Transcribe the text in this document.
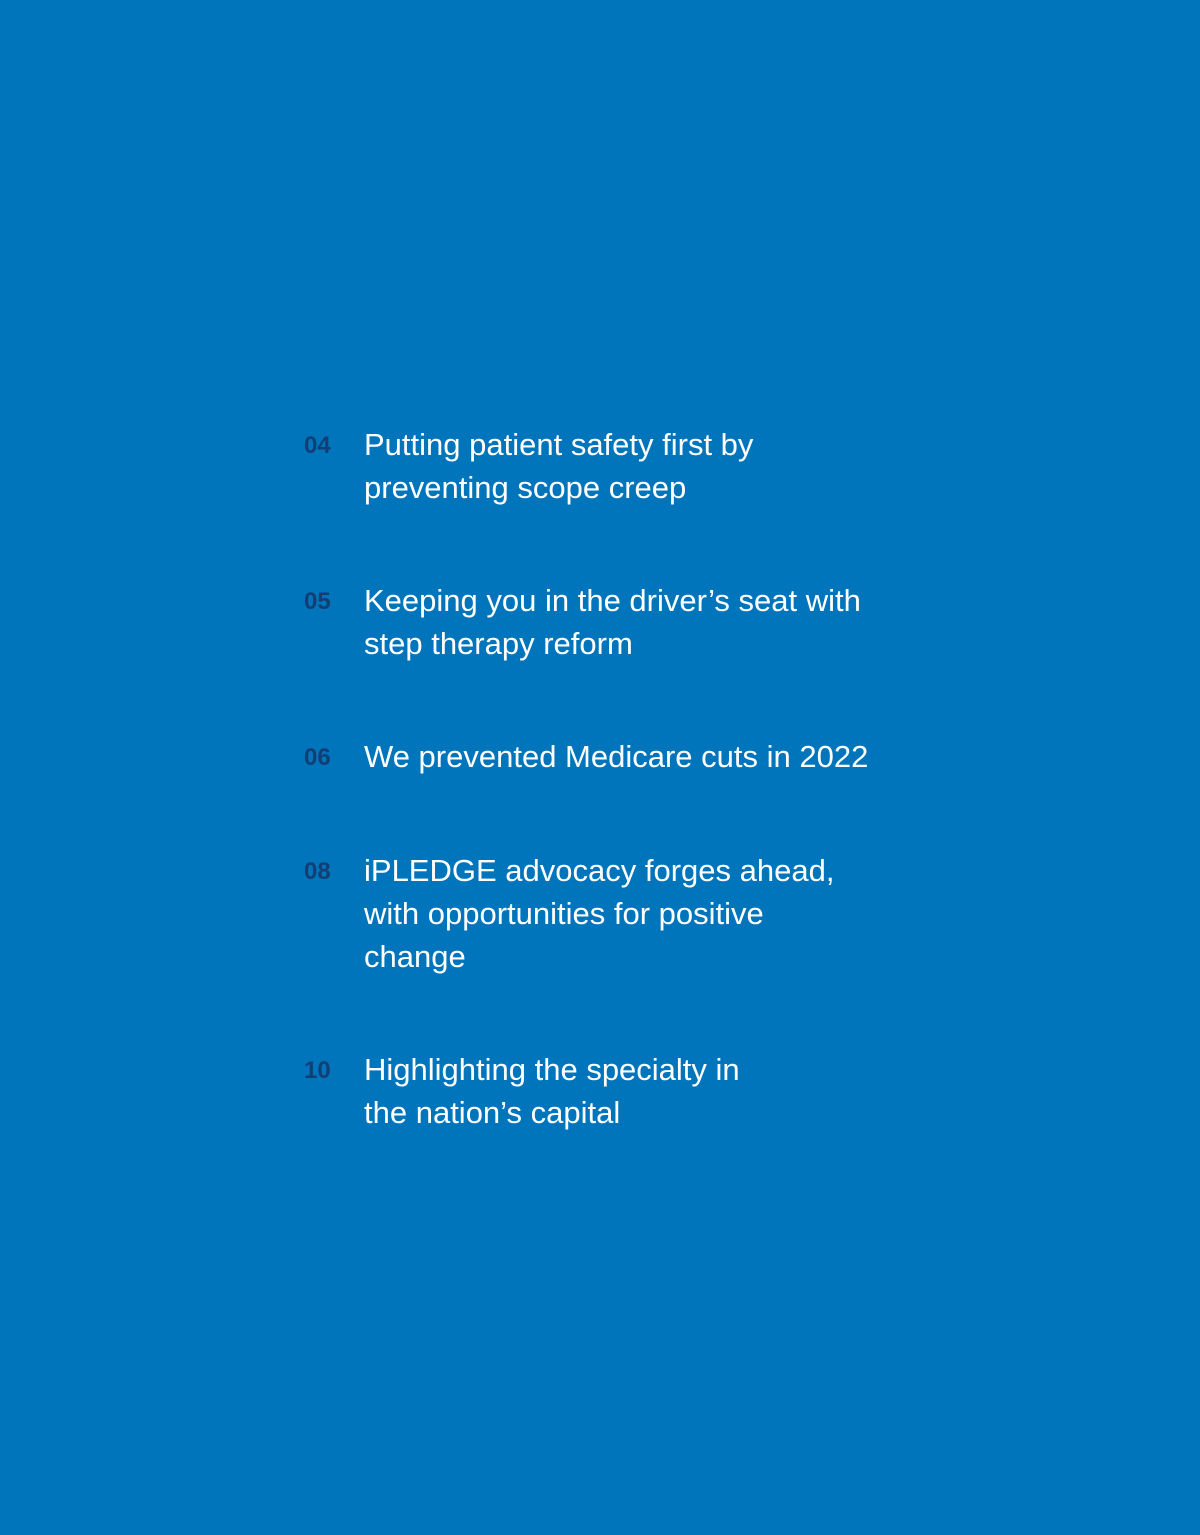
04	Putting patient safety first by
preventing scope creep
05	Keeping you in the driver’s seat with
step therapy reform
06	We prevented Medicare cuts in 2022
08	iPLEDGE advocacy forges ahead,
with opportunities for positive
change
10	Highlighting the specialty in
the nation’s capital
